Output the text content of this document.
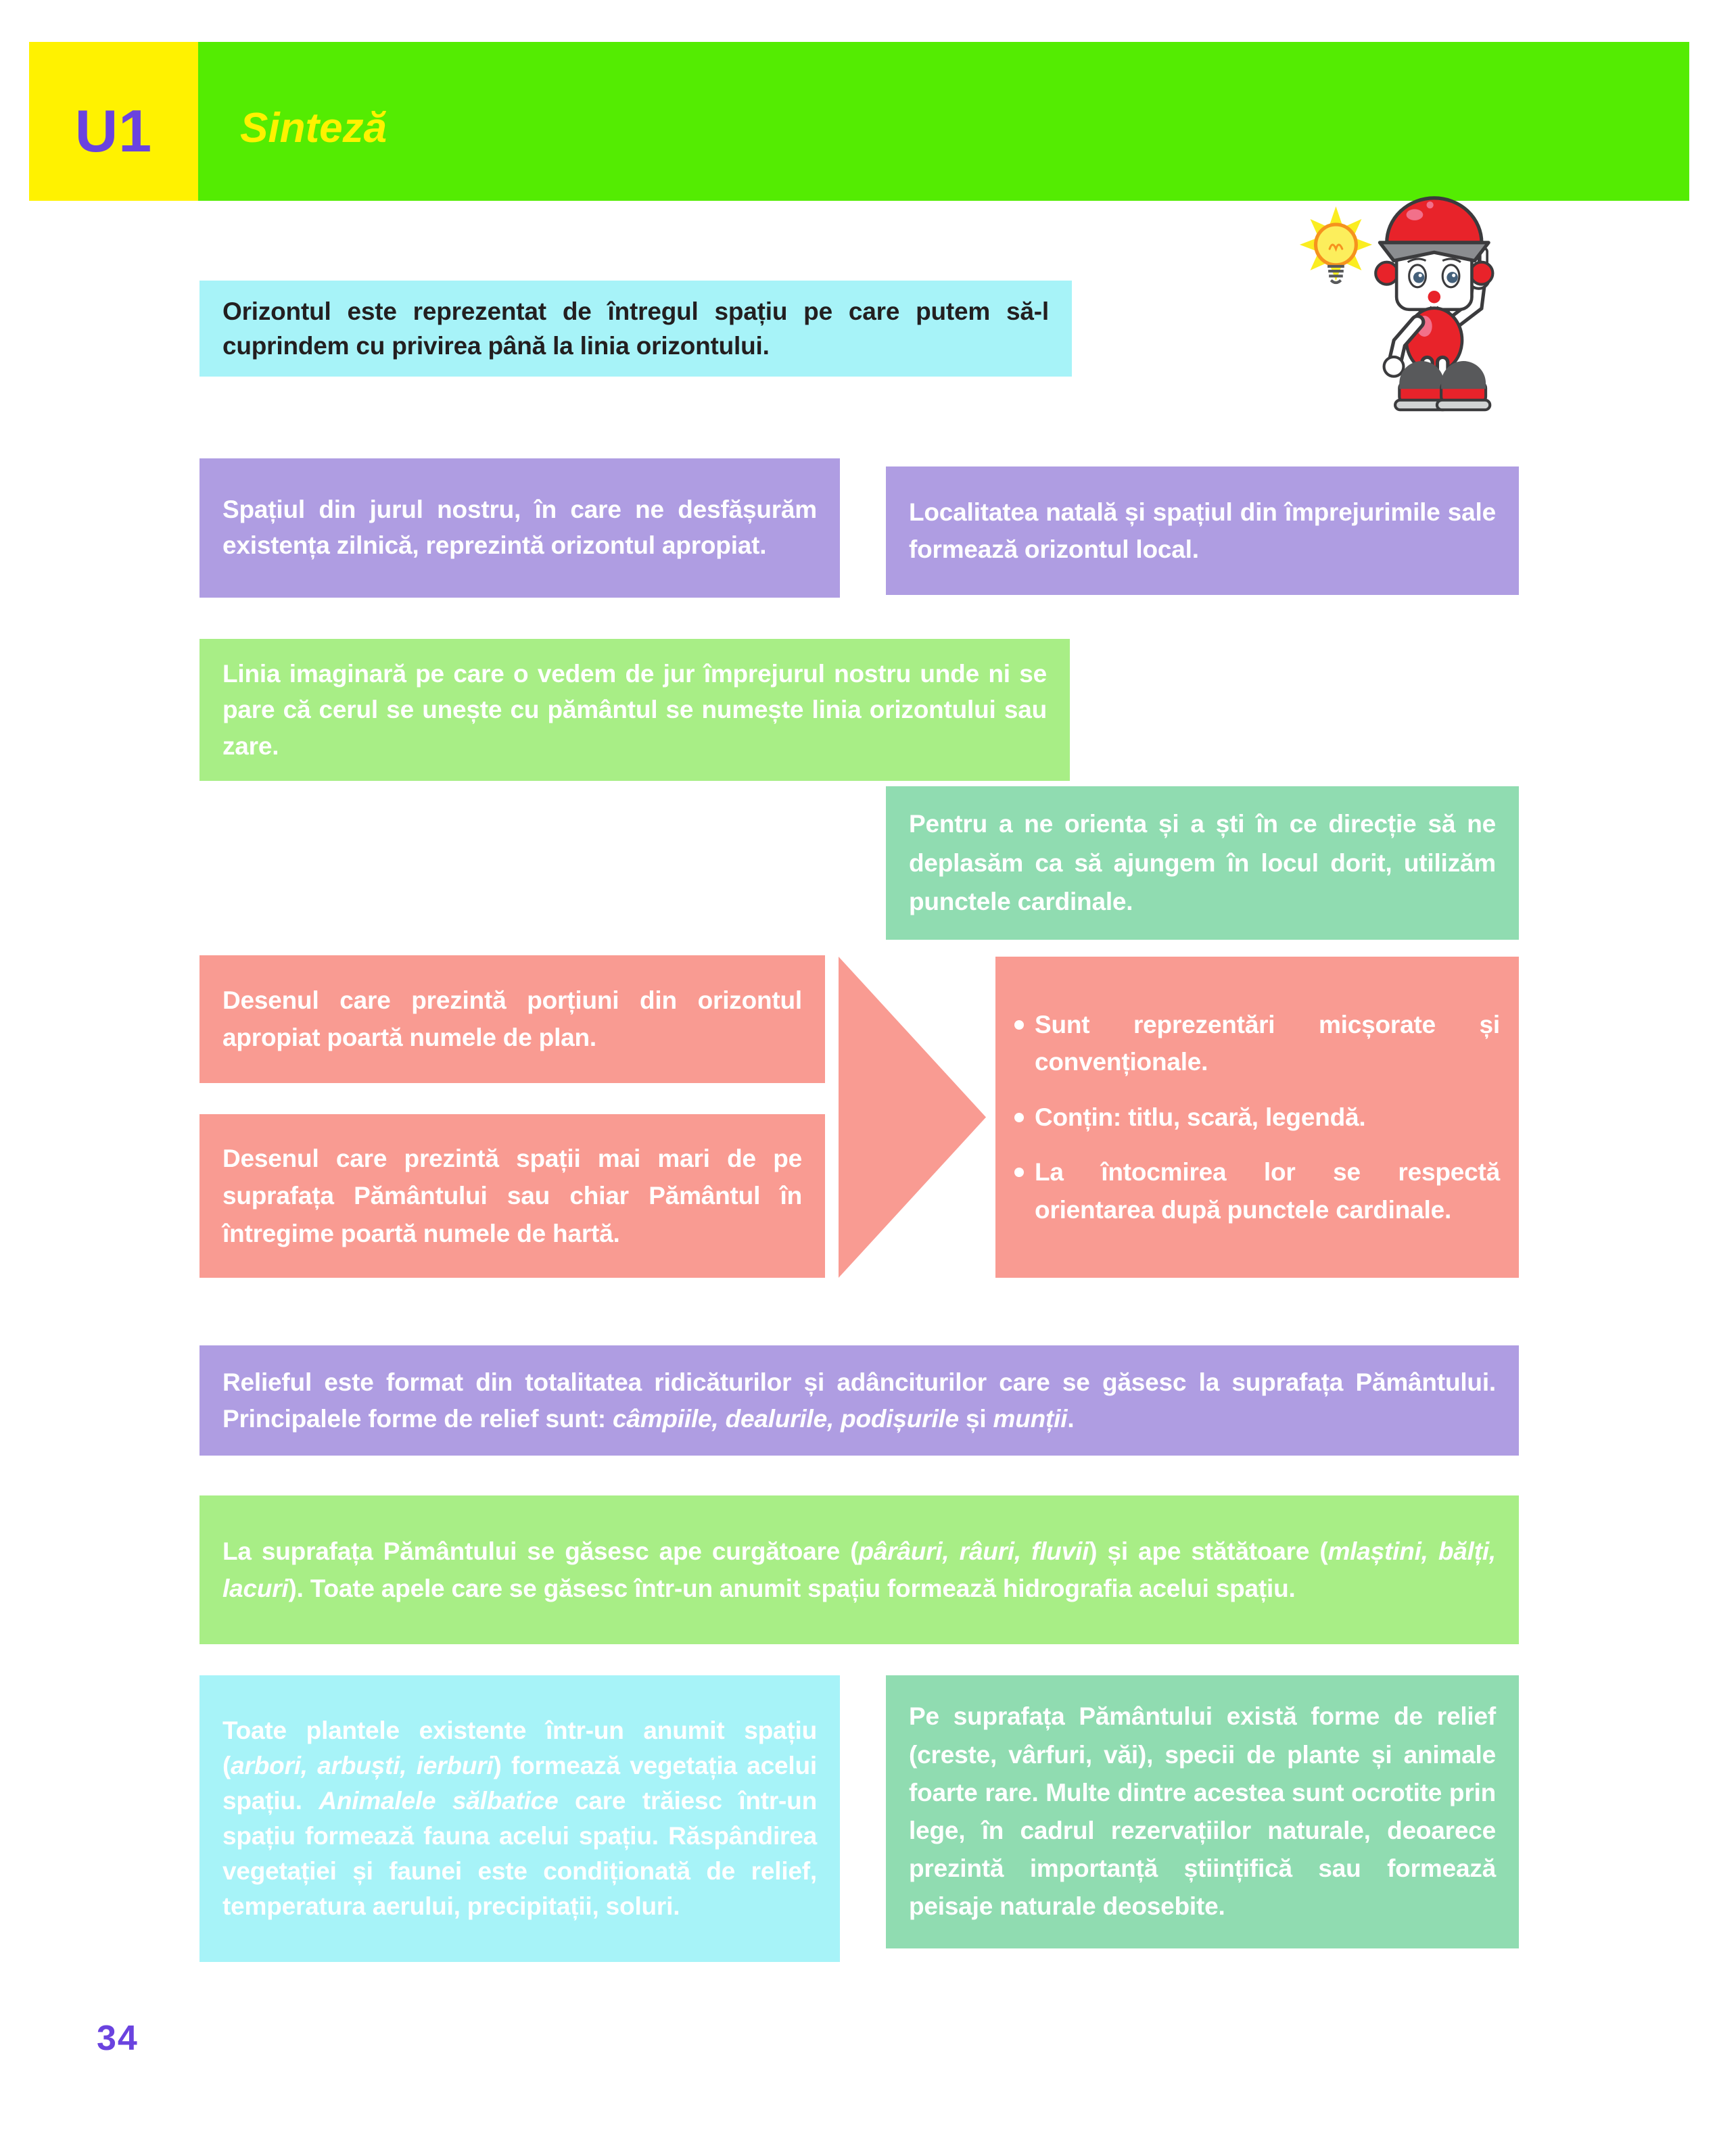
U1 Sinteză

Orizontul este reprezentat de întregul spațiu pe care putem să-l cuprindem cu privirea până la linia orizontului.

Spațiul din jurul nostru, în care ne desfășurăm existența zilnică, reprezintă orizontul apropiat.

Localitatea natală și spațiul din împrejurimile sale formează orizontul local.

Linia imaginară pe care o vedem de jur împrejurul nostru unde ni se pare că cerul se unește cu pământul se numește linia orizontului sau zare.

Pentru a ne orienta și a ști în ce direcție să ne deplasăm ca să ajungem în locul dorit, utilizăm punctele cardinale.

Desenul care prezintă porțiuni din orizontul apropiat poartă numele de plan.

Desenul care prezintă spații mai mari de pe suprafața Pământului sau chiar Pământul în întregime poartă numele de hartă.

Sunt reprezentări micșorate și convenționale.
Conțin: titlu, scară, legendă.
La întocmirea lor se respectă orientarea după punctele cardinale.

Relieful este format din totalitatea ridicăturilor și adânciturilor care se găsesc la suprafața Pământului. Principalele forme de relief sunt: câmpiile, dealurile, podișurile și munții.

La suprafața Pământului se găsesc ape curgătoare (pârâuri, râuri, fluvii) și ape stătătoare (mlaștini, bălți, lacuri). Toate apele care se găsesc într-un anumit spațiu formează hidrografia acelui spațiu.

Toate plantele existente într-un anumit spațiu (arbori, arbuști, ierburi) formează vegetația acelui spațiu. Animalele sălbatice care trăiesc într-un spațiu formează fauna acelui spațiu. Răspândirea vegetației și faunei este condiționată de relief, temperatura aerului, precipitații, soluri.

Pe suprafața Pământului există forme de relief (creste, vârfuri, văi), specii de plante și animale foarte rare. Multe dintre acestea sunt ocrotite prin lege, în cadrul rezervațiilor naturale, deoarece prezintă importanță științifică sau formează peisaje naturale deosebite.

34
